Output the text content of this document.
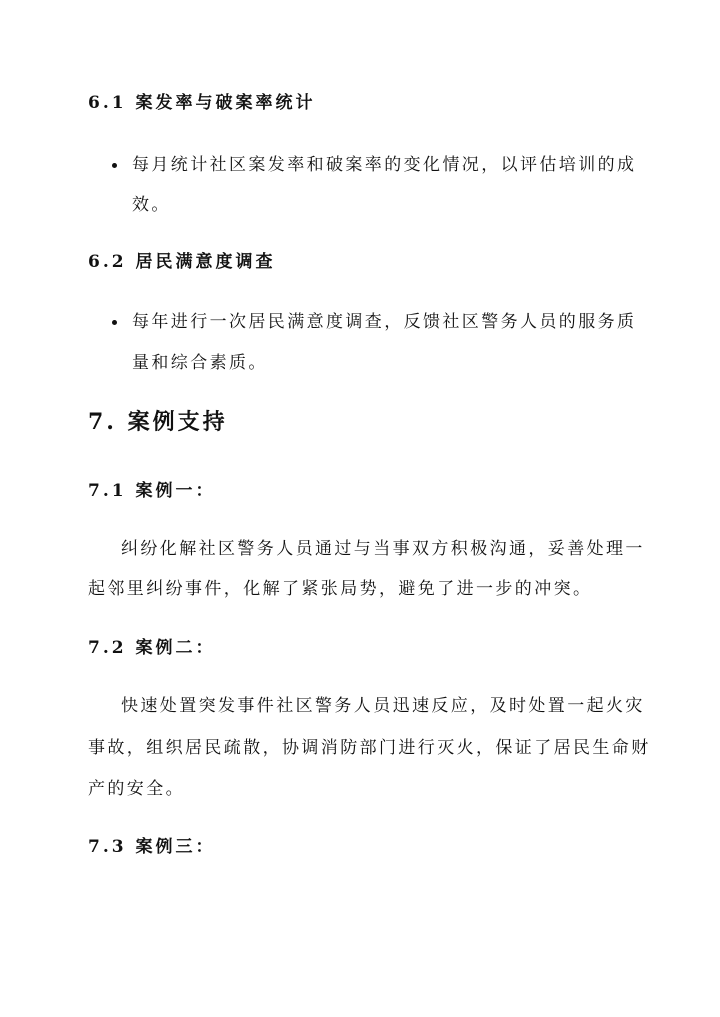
6.1 案发率与破案率统计
每月统计社区案发率和破案率的变化情况，以评估培训的成
效。
6.2 居民满意度调查
每年进行一次居民满意度调查，反馈社区警务人员的服务质
量和综合素质。
7. 案例支持
7.1 案例一：
纠纷化解社区警务人员通过与当事双方积极沟通，妥善处理一
起邻里纠纷事件，化解了紧张局势，避免了进一步的冲突。
7.2 案例二：
快速处置突发事件社区警务人员迅速反应，及时处置一起火灾
事故，组织居民疏散，协调消防部门进行灭火，保证了居民生命财
产的安全。
7.3 案例三：
